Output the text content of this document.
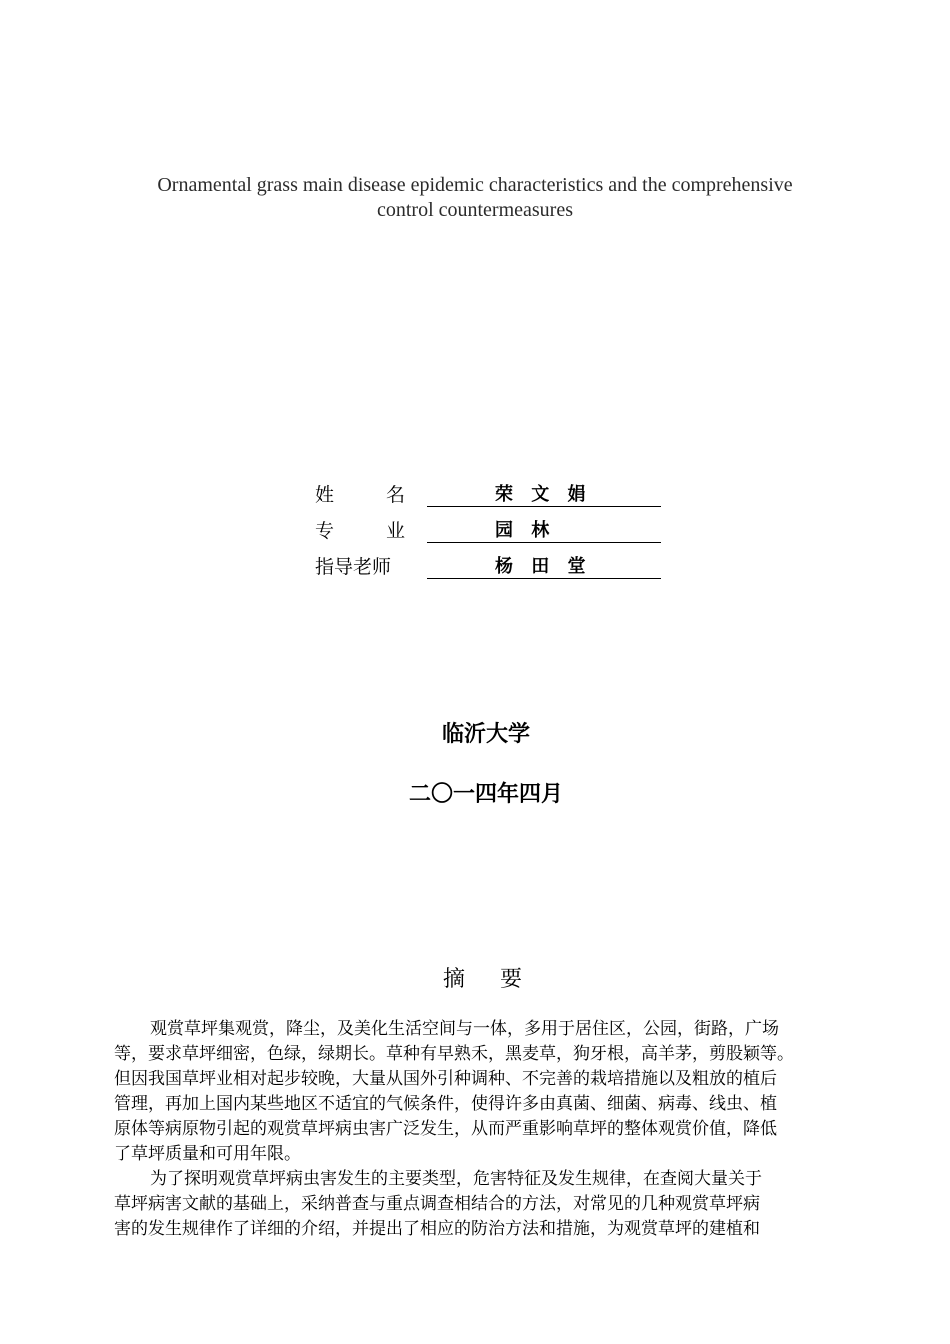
Ornamental grass main disease epidemic characteristics and the comprehensive
control countermeasures
姓	名	荣 文 娟
专	业	园 林
指导老师	杨 田 堂
临沂大学
二〇一四年四月
摘 要
观赏草坪集观赏，降尘，及美化生活空间与一体，多用于居住区，公园，街路，广场
等，要求草坪细密，色绿，绿期长。草种有早熟禾，黑麦草，狗牙根，高羊茅，剪股颖等。
但因我国草坪业相对起步较晚，大量从国外引种调种、不完善的栽培措施以及粗放的植后
管理，再加上国内某些地区不适宜的气候条件，使得许多由真菌、细菌、病毒、线虫、植
原体等病原物引起的观赏草坪病虫害广泛发生，从而严重影响草坪的整体观赏价值，降低
了草坪质量和可用年限。
为了探明观赏草坪病虫害发生的主要类型，危害特征及发生规律，在查阅大量关于
草坪病害文献的基础上，采纳普查与重点调查相结合的方法，对常见的几种观赏草坪病
害的发生规律作了详细的介绍，并提出了相应的防治方法和措施，为观赏草坪的建植和
